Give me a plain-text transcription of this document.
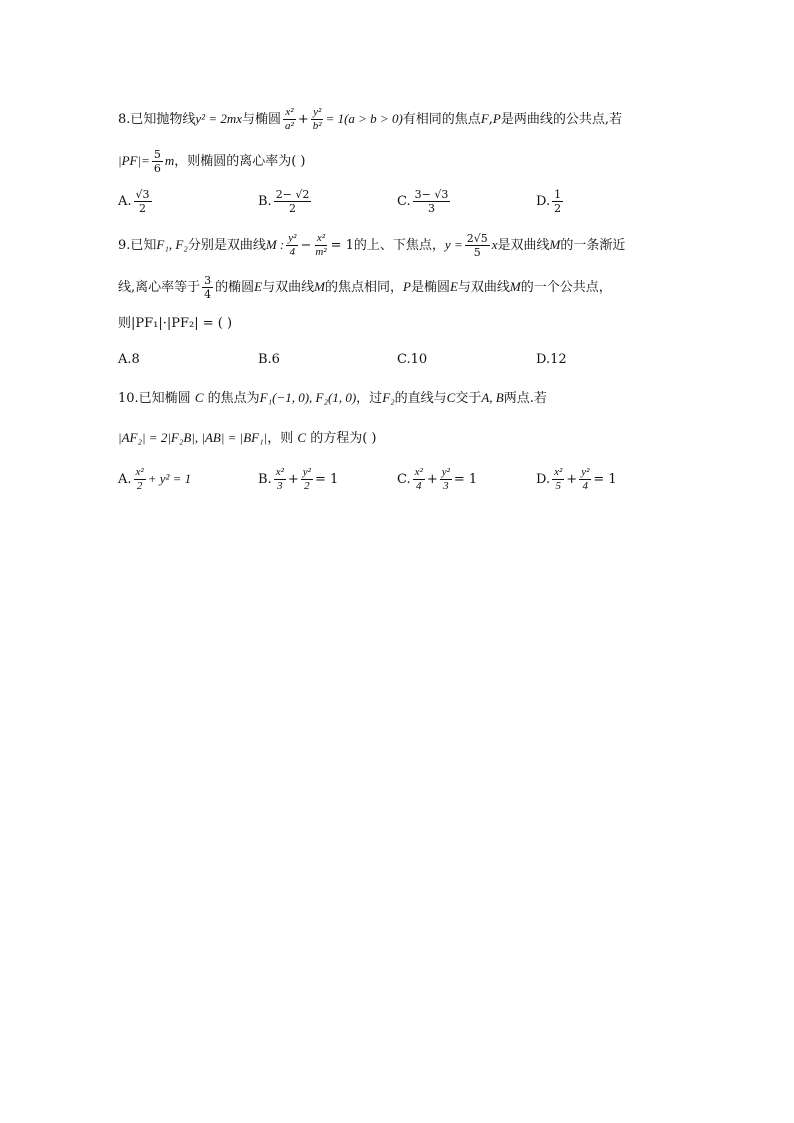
8.已知抛物线y² = 2mx与椭圆 $\frac{\text{x²}}{\text{a²}} + \frac{\text{y²}}{\text{b²}} = 1(a > b > 0)$有相同的焦点F,P是两曲线的公共点,若
$|PF|= \frac{5}{6}$ m，则椭圆的离心率为( )
A. $\frac{√3}{2}$	B. $\frac{2- √2}{2}$	C. $\frac{3- √3}{3}$	D. $\frac{1}{2}$
9.已知F₁, F₂分别是双曲线M : $\frac{\text{y²}}{4} - \frac{\text{x²}}{\text{m²}} = 1$的上、下焦点，$y = \frac{2√5}{5}$ x是双曲线M的一条渐近
线,离心率等于 $\frac{3}{4}$ 的椭圆E与双曲线M的焦点相同，P是椭圆E与双曲线M的一个公共点，
则|PF₁|·|PF₂| = ( )
A.8	B.6	C.10	D.12
10.已知椭圆 C 的焦点为F₁(−1, 0), F₂(1, 0)，过F₂的直线与C交于A, B两点.若
|AF₂| = 2|F₂B|, |AB| = |BF₁|，则 C 的方程为( )
A. $\frac{\text{x²}}{2} + y^2 = 1$	B. $\frac{\text{x²}}{3} + \frac{\text{y²}}{2} = 1$	C. $\frac{\text{x²}}{4} + \frac{\text{y²}}{3} = 1$	D. $\frac{\text{x²}}{5} + \frac{\text{y²}}{4} = 1$
